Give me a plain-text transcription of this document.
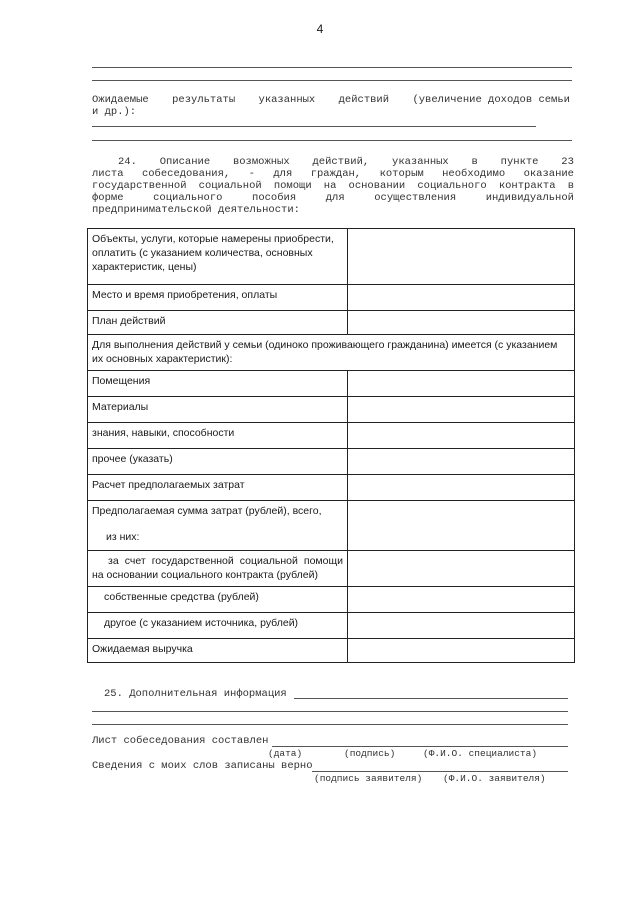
4
Ожидаемые результаты указанных действий (увеличение доходов семьи
и др.):
24. Описание возможных действий, указанных в пункте 23
листа собеседования, - для граждан, которым необходимо оказание
государственной социальной помощи на основании социального контракта в
форме	социального	пособия	для	осуществления	индивидуальной
предпринимательской деятельности:
Объекты, услуги, которые намерены приобрести, оплатить (с указанием количества, основных характеристик, цены)	
Место и время приобретения, оплаты	
План действий	
Для выполнения действий у семьи (одиноко проживающего гражданина) имеется (с указанием их основных характеристик):	
Помещения	
Материалы	
знания, навыки, способности	
прочее (указать)	
Расчет предполагаемых затрат	

Предполагаемая сумма затрат (рублей), всего,
из них:	

за счет государственной социальной помощи на основании социального контракта (рублей)	
собственные средства (рублей)	
другое (с указанием источника, рублей)	
Ожидаемая выручка	
25. Дополнительная информация
Лист собеседования составлен
(дата)	(подпись)	(Ф.И.О. специалиста)
Сведения с моих слов записаны верно
(подпись заявителя) (Ф.И.О. заявителя)
